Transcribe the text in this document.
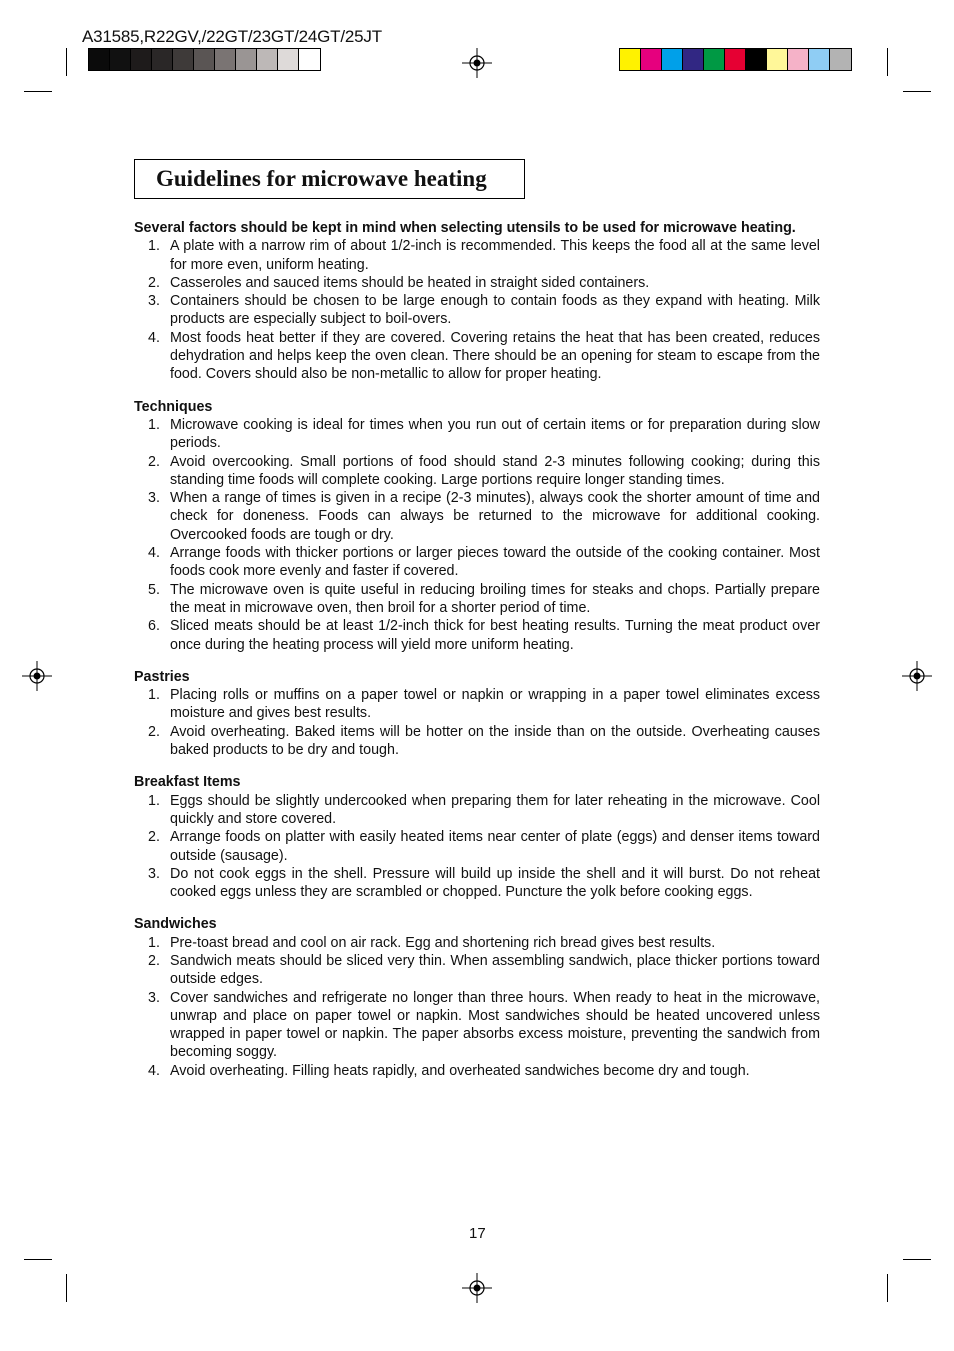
A31585,R22GV,/22GT/23GT/24GT/25JT
Guidelines for microwave heating

Several factors should be kept in mind when selecting utensils to be used for microwave heating.

1. A plate with a narrow rim of about 1/2-inch is recommended. This keeps the food all at the same level for more even, uniform heating.
2. Casseroles and sauced items should be heated in straight sided containers.
3. Containers should be chosen to be large enough to contain foods as they expand with heating. Milk products are especially subject to boil-overs.
4. Most foods heat better if they are covered. Covering retains the heat that has been created, reduces dehydration and helps keep the oven clean. There should be an opening for steam to escape from the food. Covers should also be non-metallic to allow for proper heating.

Techniques

1. Microwave cooking is ideal for times when you run out of certain items or for preparation during slow periods.
2. Avoid overcooking. Small portions of food should stand 2-3 minutes following cooking; during this standing time foods will complete cooking. Large portions require longer standing times.
3. When a range of times is given in a recipe (2-3 minutes), always cook the shorter amount of time and check for doneness. Foods can always be returned to the microwave for additional cooking. Overcooked foods are tough or dry.
4. Arrange foods with thicker portions or larger pieces toward the outside of the cooking container. Most foods cook more evenly and faster if covered.
5. The microwave oven is quite useful in reducing broiling times for steaks and chops. Partially prepare the meat in microwave oven, then broil for a shorter period of time.
6. Sliced meats should be at least 1/2-inch thick for best heating results. Turning the meat product over once during the heating process will yield more uniform heating.

Pastries

1. Placing rolls or muffins on a paper towel or napkin or wrapping in a paper towel eliminates excess moisture and gives best results.
2. Avoid overheating. Baked items will be hotter on the inside than on the outside. Overheating causes baked products to be dry and tough.

Breakfast Items

1. Eggs should be slightly undercooked when preparing them for later reheating in the microwave. Cool quickly and store covered.
2. Arrange foods on platter with easily heated items near center of plate (eggs) and denser items toward outside (sausage).
3. Do not cook eggs in the shell. Pressure will build up inside the shell and it will burst. Do not reheat cooked eggs unless they are scrambled or chopped. Puncture the yolk before cooking eggs.

Sandwiches

1. Pre-toast bread and cool on air rack. Egg and shortening rich bread gives best results.
2. Sandwich meats should be sliced very thin. When assembling sandwich, place thicker portions toward outside edges.
3. Cover sandwiches and refrigerate no longer than three hours. When ready to heat in the microwave, unwrap and place on paper towel or napkin. Most sandwiches should be heated uncovered unless wrapped in paper towel or napkin. The paper absorbs excess moisture, preventing the sandwich from becoming soggy.
4. Avoid overheating. Filling heats rapidly, and overheated sandwiches become dry and tough.
17
